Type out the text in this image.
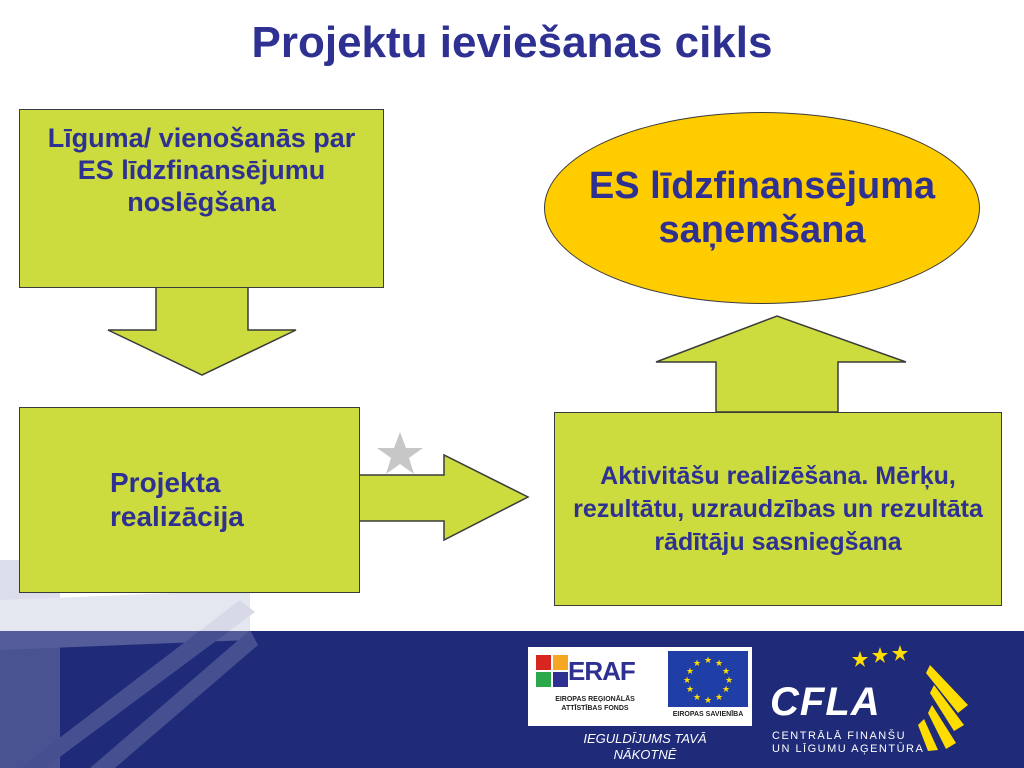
Projektu ieviešanas cikls
Līguma/ vienošanās par ES līdzfinansējumu noslēgšana	ES līdzfinansējuma saņemšana
Projekta realizācija
Aktivitāšu realizēšana. Mērķu, rezultātu, uzraudzības un rezultāta rādītāju sasniegšana
ERAF
EIROPAS REĢIONĀLĀS ATTĪSTĪBAS FONDS
★ ★
★
★
★
★
★
★
★
★
★
★
EIROPAS SAVIENĪBA
IEGULDĪJUMS TAVĀ NĀKOTNĒ
CFLA
CENTRĀLĀ FINANŠU
UN LĪGUMU AĢENTŪRA
